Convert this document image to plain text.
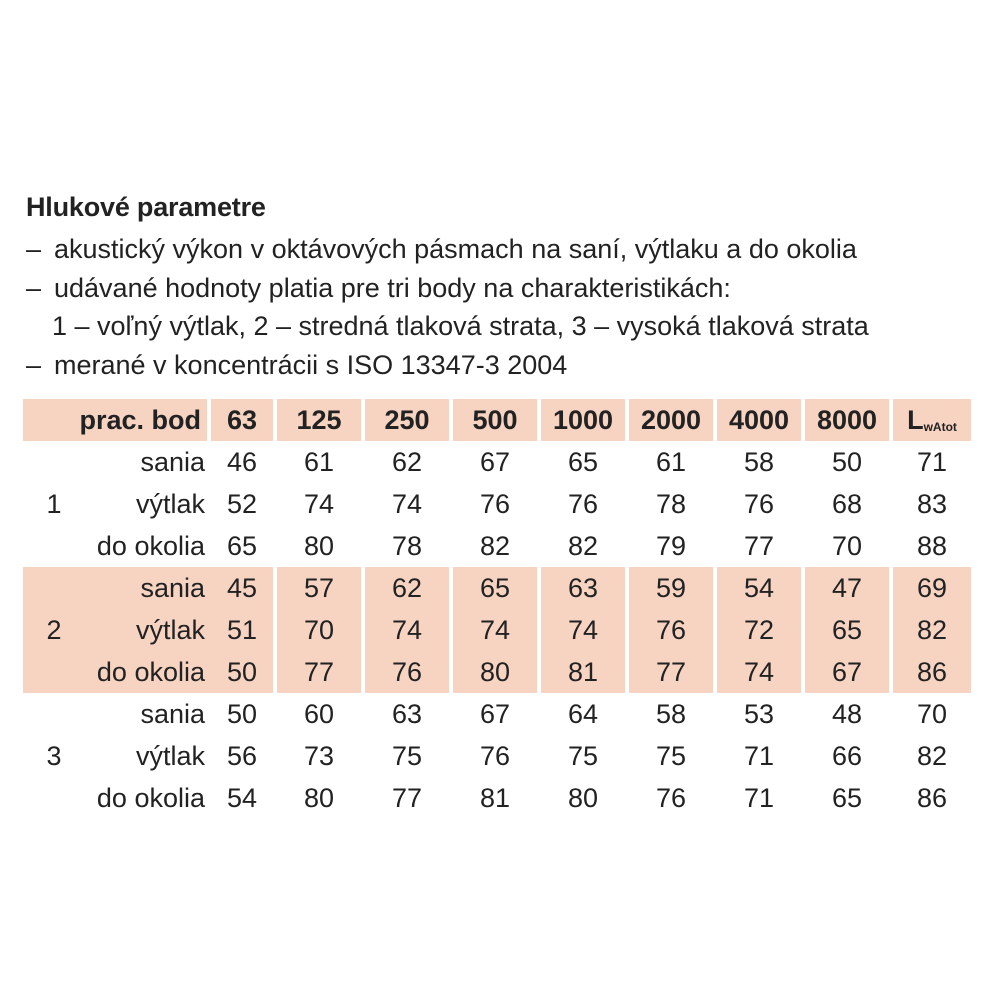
Hlukové parametre
– akustický výkon v oktávových pásmach na saní, výtlaku a do okolia
– udávané hodnoty platia pre tri body na charakteristikách:
1 – voľný výtlak, 2 – stredná tlaková strata, 3 – vysoká tlaková strata
– merané v koncentrácii s ISO 13347-3 2004
prac. bod		63	125	250	500	1000	2000	4000	8000	LwAtot
1	sania	46	61	62	67	65	61	58	50	71
	výtlak	52	74	74	76	76	78	76	68	83
	do okolia	65	80	78	82	82	79	77	70	88
2	sania	45	57	62	65	63	59	54	47	69
	výtlak	51	70	74	74	74	76	72	65	82
	do okolia	50	77	76	80	81	77	74	67	86
3	sania	50	60	63	67	64	58	53	48	70
	výtlak	56	73	75	76	75	75	71	66	82
	do okolia	54	80	77	81	80	76	71	65	86
